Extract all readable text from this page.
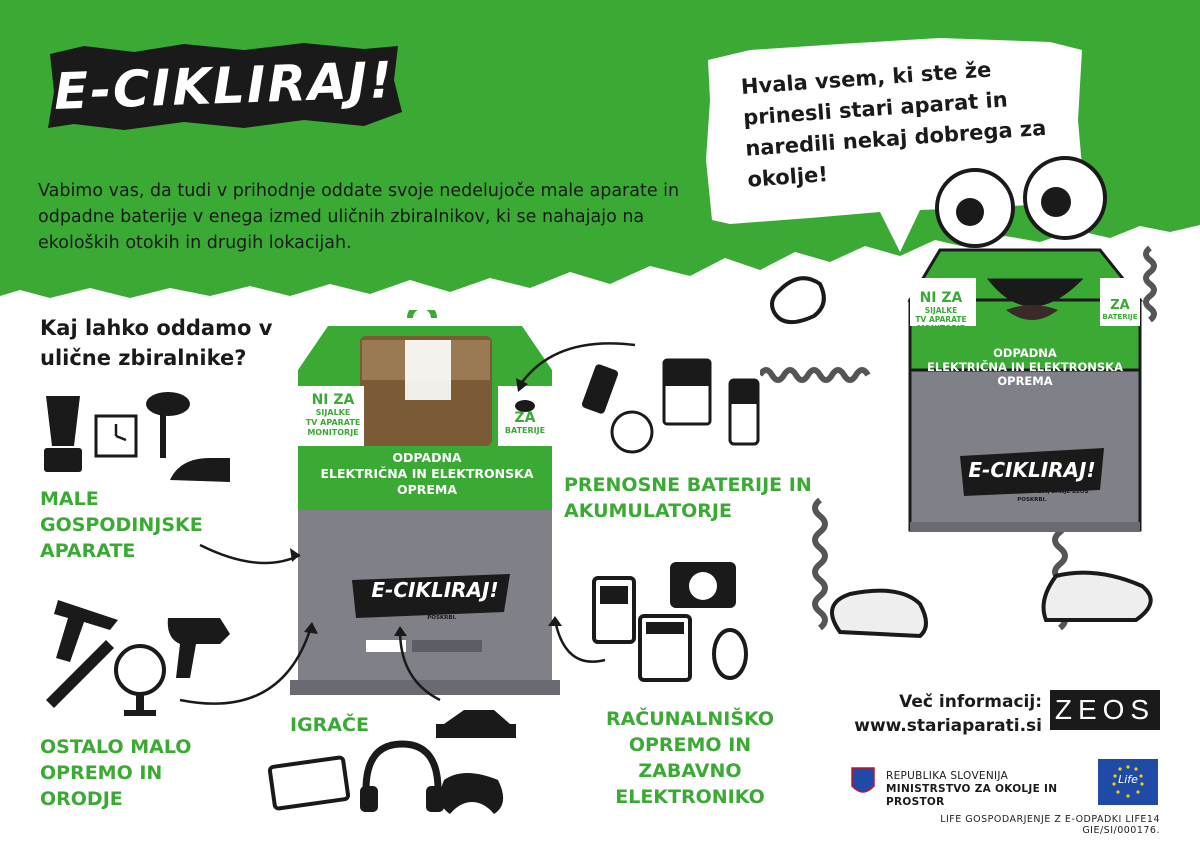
E-CIKLIRAJ!

Vabimo vas, da tudi v prihodnje oddate svoje nedelujoče male aparate in odpadne baterije v enega izmed uličnih zbiralnikov, ki se nahajajo na ekoloških otokih in drugih lokacijah.

Hvala vsem, ki ste že prinesli stari aparat in naredili nekaj dobrega za okolje!
Kaj lahko oddamo v ulične zbiralnike?
NI ZA
SIJALKE
TV APARATE
MONITORJE
ZA
BATERIJE
ODPADNA
ELEKTRIČNA IN ELEKTRONSKA
OPREMA
E-CIKLIRAJ!
E-ODPADKI NISO SMETI, ZANJE ZEOS POSKRBI.
NI ZA
SIJALKE
TV APARATE
MONITORJE
ZA
BATERIJE
ODPADNA
ELEKTRIČNA IN ELEKTRONSKA
OPREMA
E-CIKLIRAJ!
E-ODPADKI NISO SMETI, ZANJE ZEOS POSKRBI.
MALE GOSPODINJSKE APARATE
OSTALO MALO OPREMO IN ORODJE
IGRAČE
PRENOSNE BATERIJE IN AKUMULATORJE
RAČUNALNIŠKO OPREMO IN ZABAVNO ELEKTRONIKO
Več informacij:
www.stariaparati.si
ZEOS
REPUBLIKA SLOVENIJA
MINISTRSTVO ZA OKOLJE IN PROSTOR
Life
LIFE GOSPODARJENJE Z E-ODPADKI LIFE14 GIE/SI/000176.
